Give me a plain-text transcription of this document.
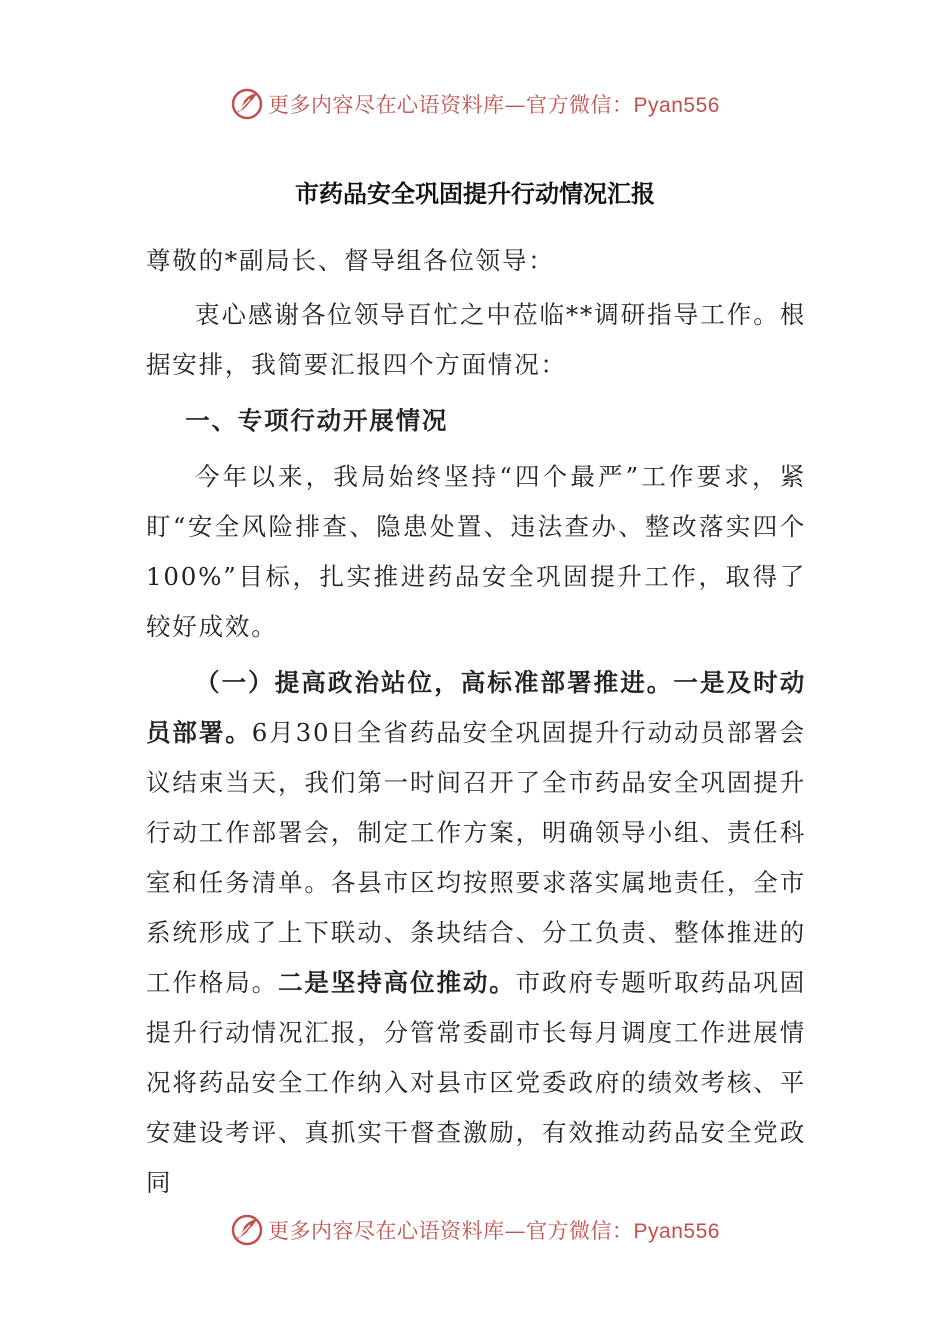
更多内容尽在心语资料库—官方微信：Pyan556
市药品安全巩固提升行动情况汇报

尊敬的*副局长、督导组各位领导：

衷心感谢各位领导百忙之中莅临**调研指导工作。根据安排，我简要汇报四个方面情况：

一、专项行动开展情况

今年以来，我局始终坚持“四个最严”工作要求，紧盯“安全风险排查、隐患处置、违法查办、整改落实四个100%”目标，扎实推进药品安全巩固提升工作，取得了较好成效。

（一）提高政治站位，高标准部署推进。一是及时动员部署。6月30日全省药品安全巩固提升行动动员部署会议结束当天，我们第一时间召开了全市药品安全巩固提升行动工作部署会，制定工作方案，明确领导小组、责任科室和任务清单。各县市区均按照要求落实属地责任，全市系统形成了上下联动、条块结合、分工负责、整体推进的工作格局。二是坚持高位推动。市政府专题听取药品巩固提升行动情况汇报，分管常委副市长每月调度工作进展情况将药品安全工作纳入对县市区党委政府的绩效考核、平安建设考评、真抓实干督查激励，有效推动药品安全党政同

更多内容尽在心语资料库—官方微信：Pyan556
